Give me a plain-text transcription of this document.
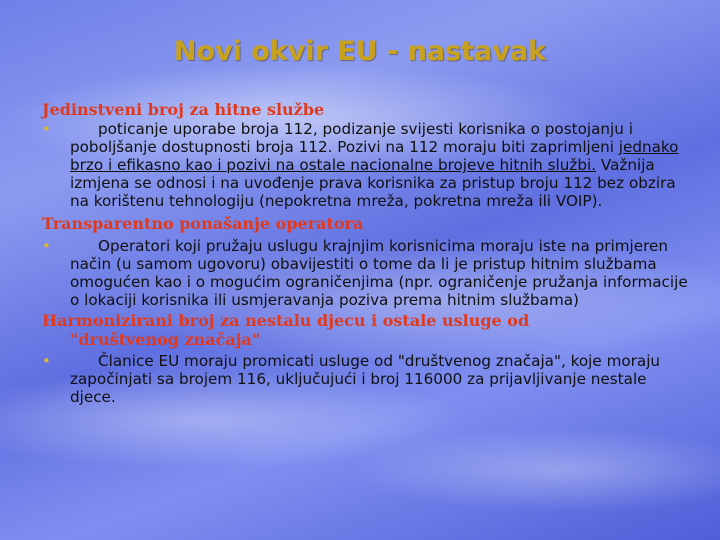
Novi okvir EU - nastavak

Jedinstveni broj za hitne službe

•	poticanje uporabe broja 112, podizanje svijesti korisnika o postojanju i poboljšanje dostupnosti broja 112. Pozivi na 112 moraju biti zaprimljeni jednako brzo i efikasno kao i pozivi na ostale nacionalne brojeve hitnih službi. Važnija izmjena se odnosi i na uvođenje prava korisnika za pristup broju 112 bez obzira na korištenu tehnologiju (nepokretna mreža, pokretna mreža ili VOIP).

Transparentno ponašanje operatora

•	Operatori koji pružaju uslugu krajnjim korisnicima moraju iste na primjeren način (u samom ugovoru) obavijestiti o tome da li je pristup hitnim službama omogućen kao i o mogućim ograničenjima (npr. ograničenje pružanja informacije o lokaciji korisnika ili usmjeravanja poziva prema hitnim službama)

Harmonizirani broj za nestalu djecu i ostale usluge od
"društvenog značaja"

•	Članice EU moraju promicati usluge od "društvenog značaja", koje moraju započinjati sa brojem 116, uključujući i broj 116000 za prijavljivanje nestale djece.
